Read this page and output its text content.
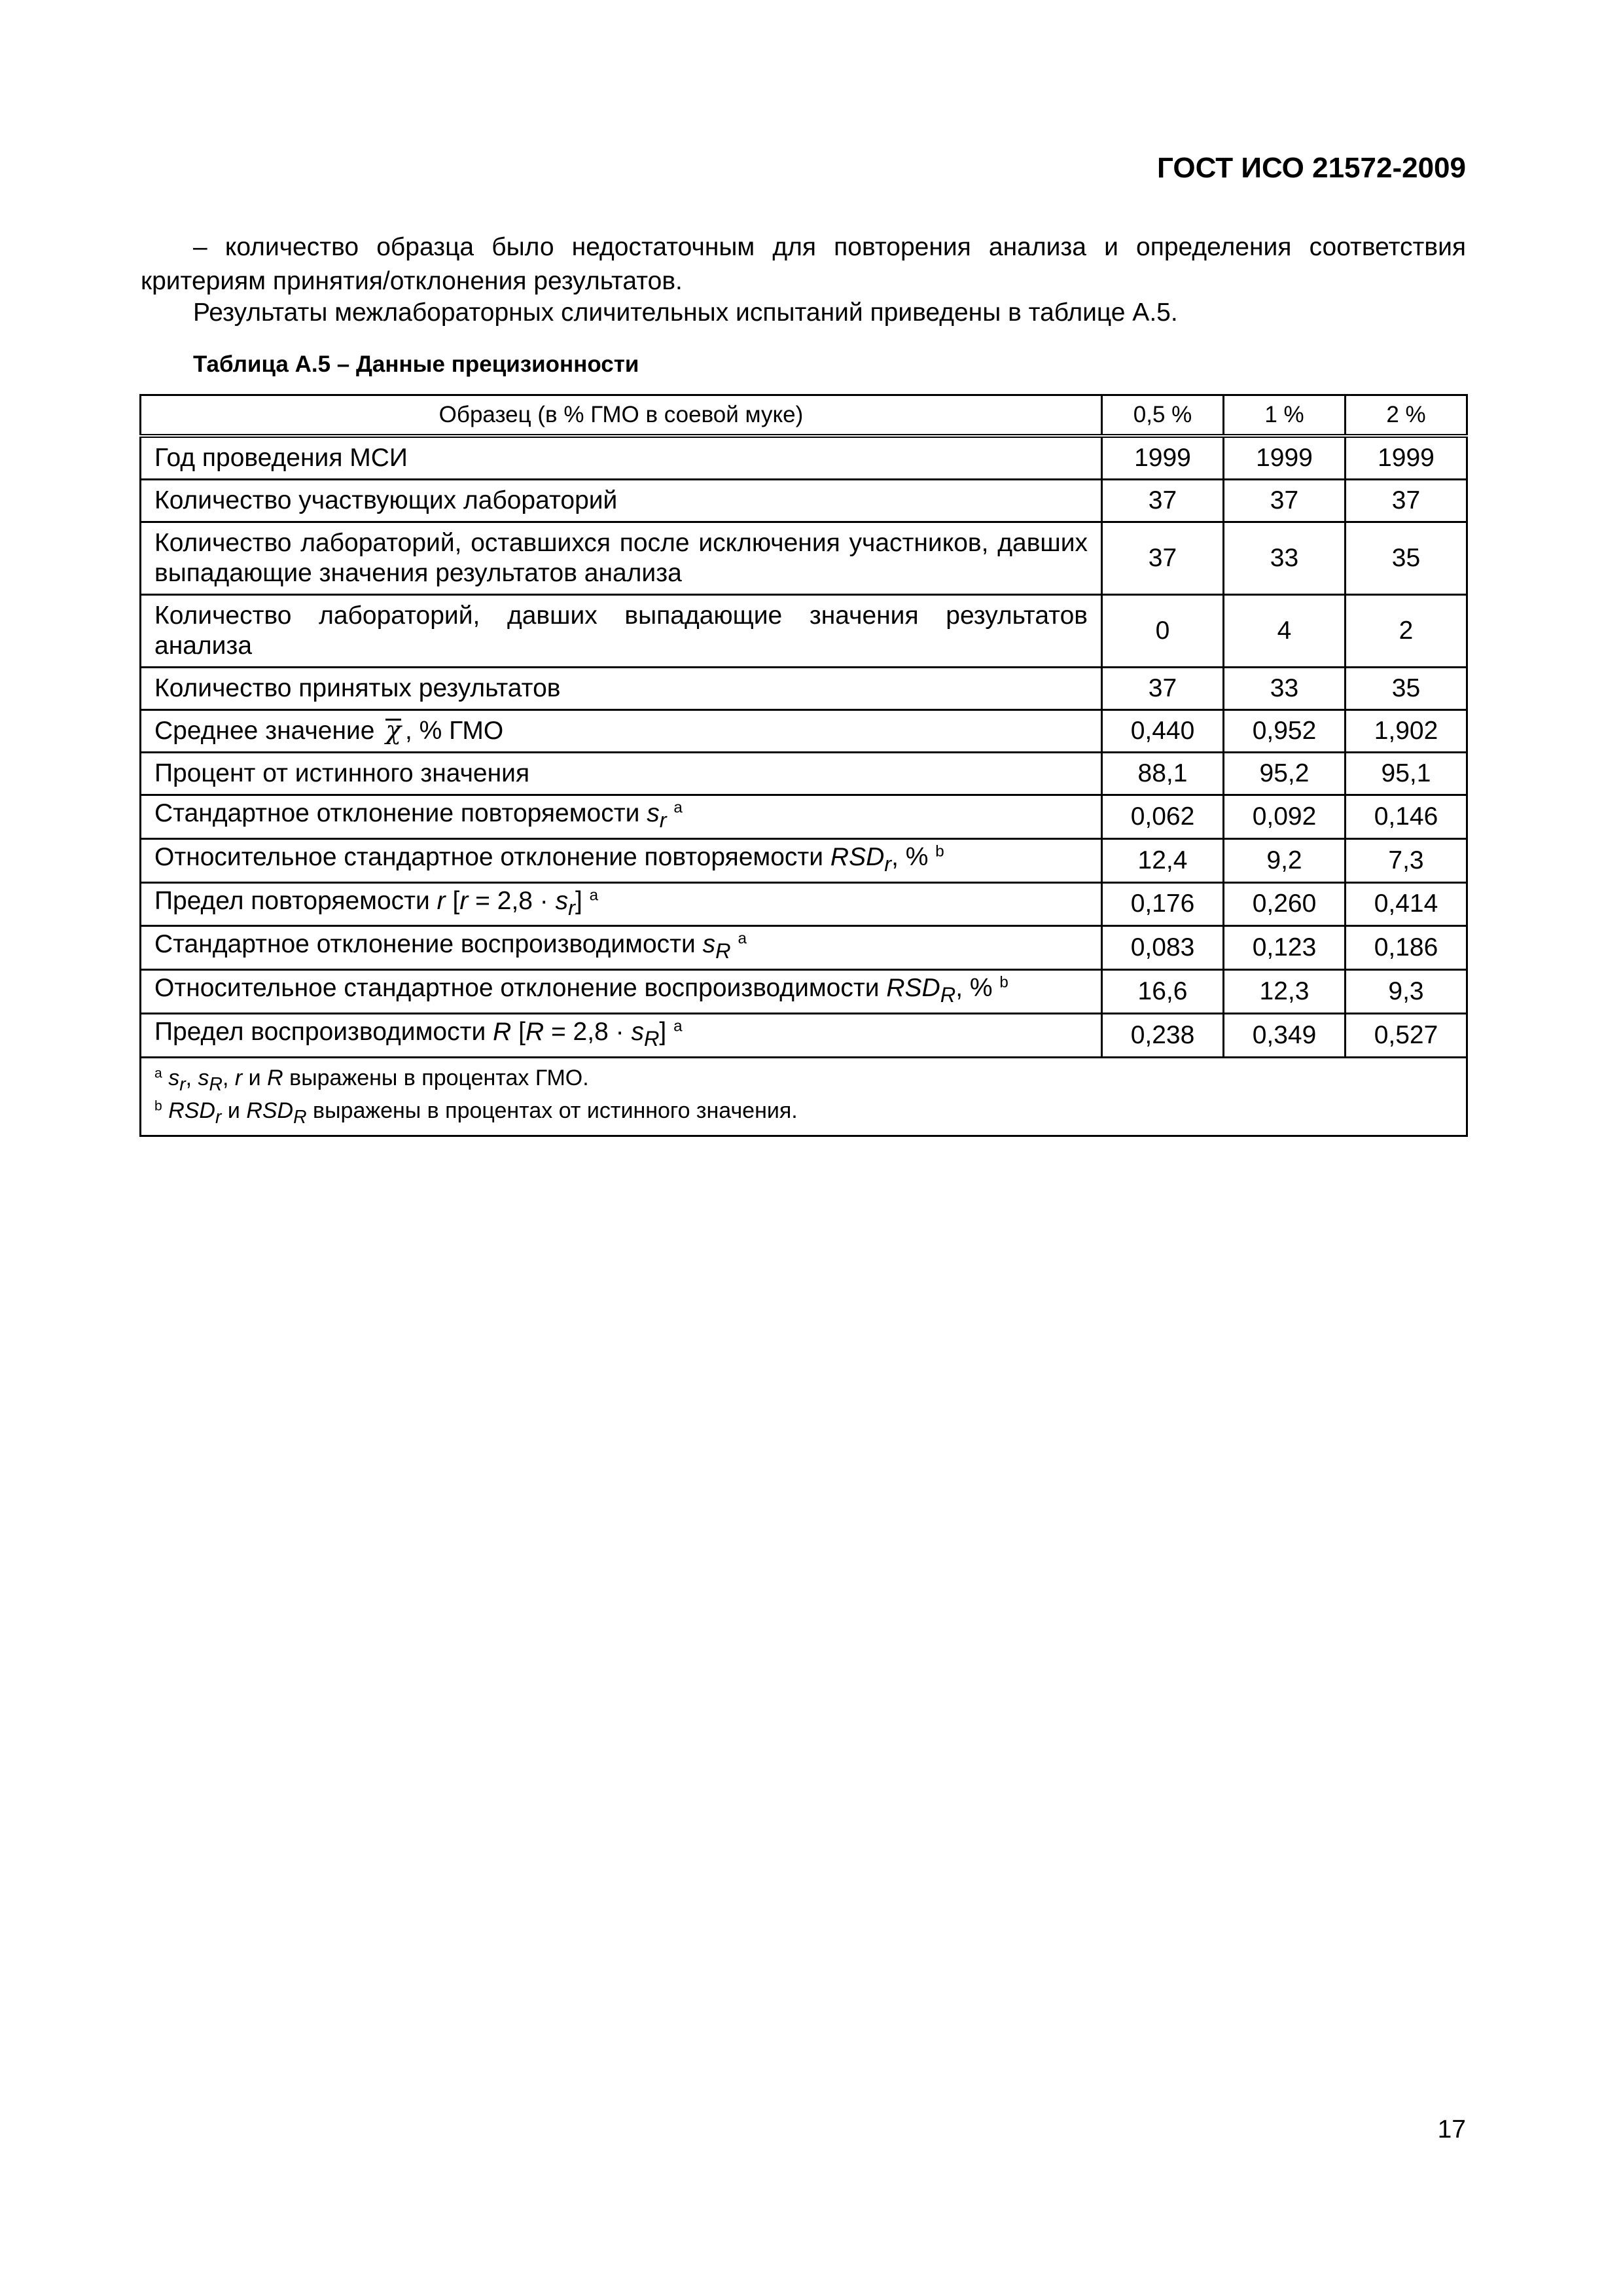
ГОСТ ИСО 21572-2009
– количество образца было недостаточным для повторения анализа и определения соответствия критериям принятия/отклонения результатов.
Результаты межлабораторных сличительных испытаний приведены в таблице А.5.
Таблица А.5 – Данные прецизионности
Образец (в % ГМО в соевой муке)	0,5 %	1 %	2 %
Год проведения МСИ	1999	1999	1999
Количество участвующих лабораторий	37	37	37
Количество лабораторий, оставшихся после исключения участников, давших выпадающие значения результатов анализа	37	33	35
Количество лабораторий, давших выпадающие значения результатов анализа	0	4	2
Количество принятых результатов	37	33	35
Среднее значение χ , % ГМО	0,440	0,952	1,902
Процент от истинного значения	88,1	95,2	95,1
Стандартное отклонение повторяемости $s_r$ $^a$	0,062	0,092	0,146
Относительное стандартное отклонение повторяемости $RSD_r$, % $^b$	12,4	9,2	7,3
Предел повторяемости r $[r = 2,8 \cdot s_r]$ $^a$	0,176	0,260	0,414
Стандартное отклонение воспроизводимости $s_R$ $^a$	0,083	0,123	0,186
Относительное стандартное отклонение воспроизводимости $RSD_R$, % $^b$	16,6	12,3	9,3
Предел воспроизводимости R $[R = 2,8 \cdot s_R]$ $^a$	0,238	0,349	0,527

$^a$ $s_r$, $s_R$, r и R выражены в процентах ГМО.
$^b$ $RSD_r$ и $RSD_R$ выражены в процентах от истинного значения.			
17
